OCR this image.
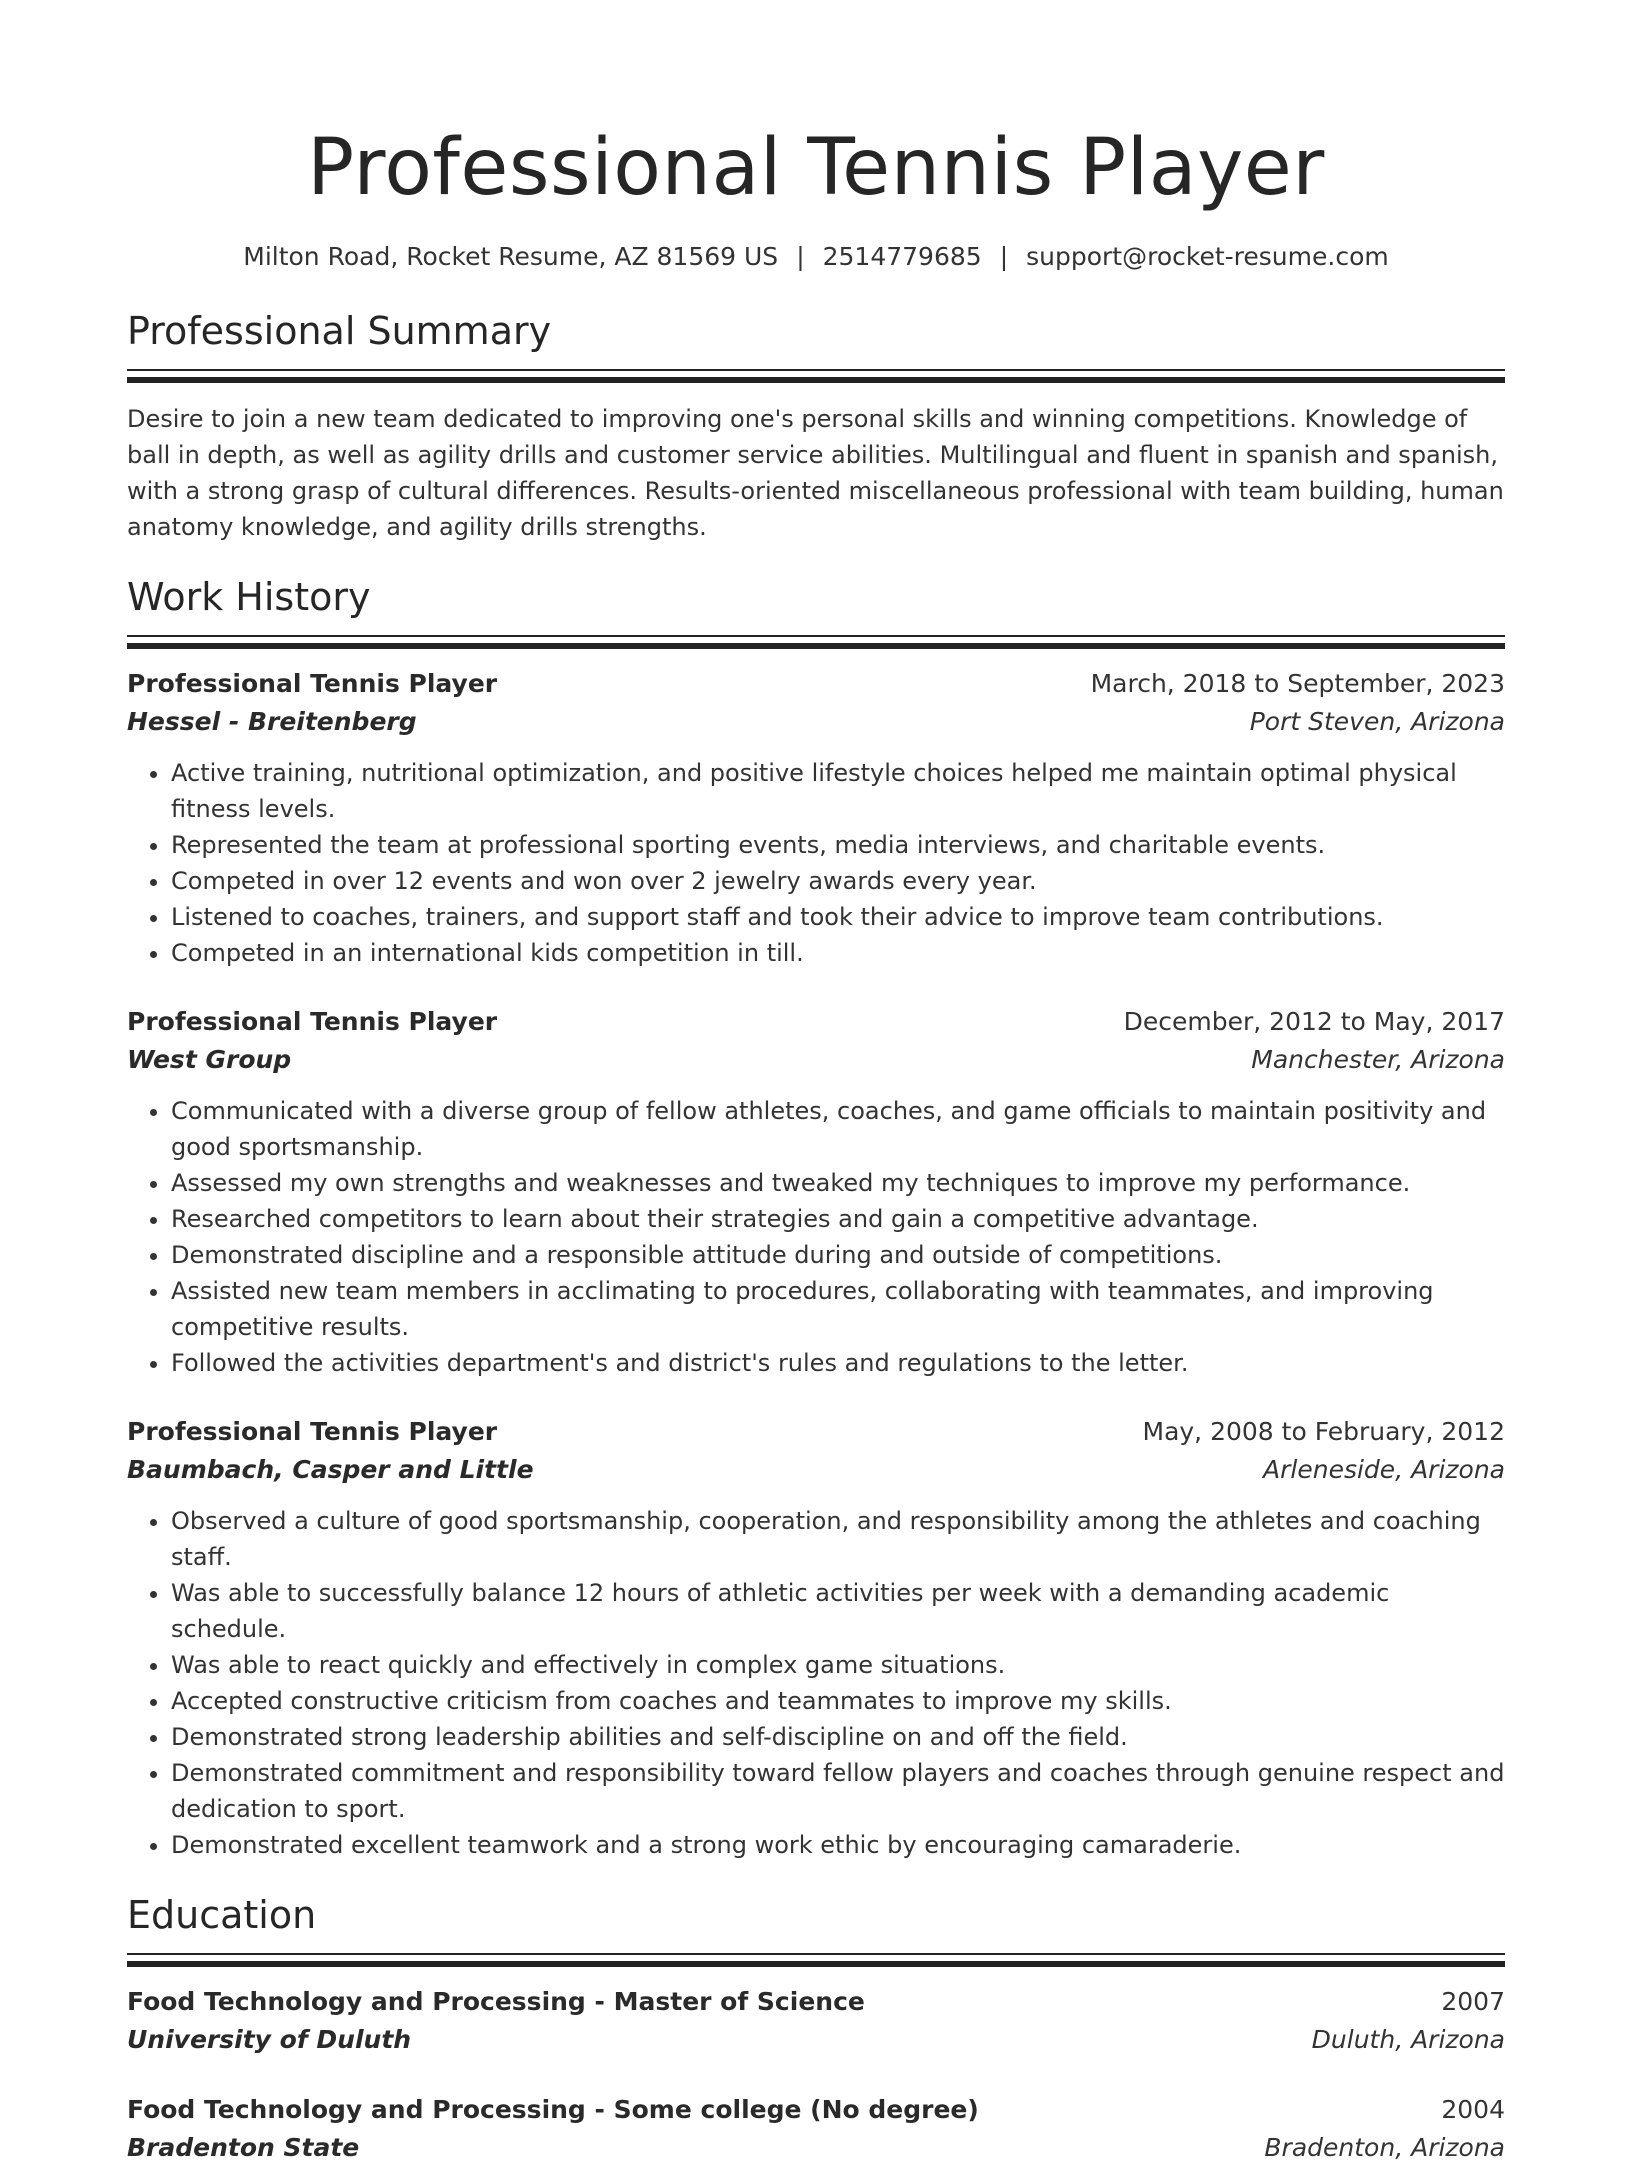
Professional Tennis Player
Milton Road, Rocket Resume, AZ 81569 US | 2514779685 | support@rocket-resume.com
Professional Summary

Desire to join a new team dedicated to improving one's personal skills and winning competitions. Knowledge of ball in depth, as well as agility drills and customer service abilities. Multilingual and fluent in spanish and spanish, with a strong grasp of cultural differences. Results-oriented miscellaneous professional with team building, human anatomy knowledge, and agility drills strengths.

Work History
Professional Tennis Player	March, 2018 to September, 2023
Hessel - Breitenberg	Port Steven, Arizona
• Active training, nutritional optimization, and positive lifestyle choices helped me maintain optimal physical fitness levels.
• Represented the team at professional sporting events, media interviews, and charitable events.
• Competed in over 12 events and won over 2 jewelry awards every year.
• Listened to coaches, trainers, and support staff and took their advice to improve team contributions.
• Competed in an international kids competition in till.
Professional Tennis Player	December, 2012 to May, 2017
West Group	Manchester, Arizona
• Communicated with a diverse group of fellow athletes, coaches, and game officials to maintain positivity and good sportsmanship.
• Assessed my own strengths and weaknesses and tweaked my techniques to improve my performance.
• Researched competitors to learn about their strategies and gain a competitive advantage.
• Demonstrated discipline and a responsible attitude during and outside of competitions.
• Assisted new team members in acclimating to procedures, collaborating with teammates, and improving competitive results.
• Followed the activities department's and district's rules and regulations to the letter.
Professional Tennis Player	May, 2008 to February, 2012
Baumbach, Casper and Little	Arleneside, Arizona
• Observed a culture of good sportsmanship, cooperation, and responsibility among the athletes and coaching staff.
• Was able to successfully balance 12 hours of athletic activities per week with a demanding academic schedule.
• Was able to react quickly and effectively in complex game situations.
• Accepted constructive criticism from coaches and teammates to improve my skills.
• Demonstrated strong leadership abilities and self-discipline on and off the field.
• Demonstrated commitment and responsibility toward fellow players and coaches through genuine respect and dedication to sport.
• Demonstrated excellent teamwork and a strong work ethic by encouraging camaraderie.
Education
Food Technology and Processing - Master of Science	2007
University of Duluth	Duluth, Arizona
Food Technology and Processing - Some college (No degree)	2004
Bradenton State	Bradenton, Arizona
